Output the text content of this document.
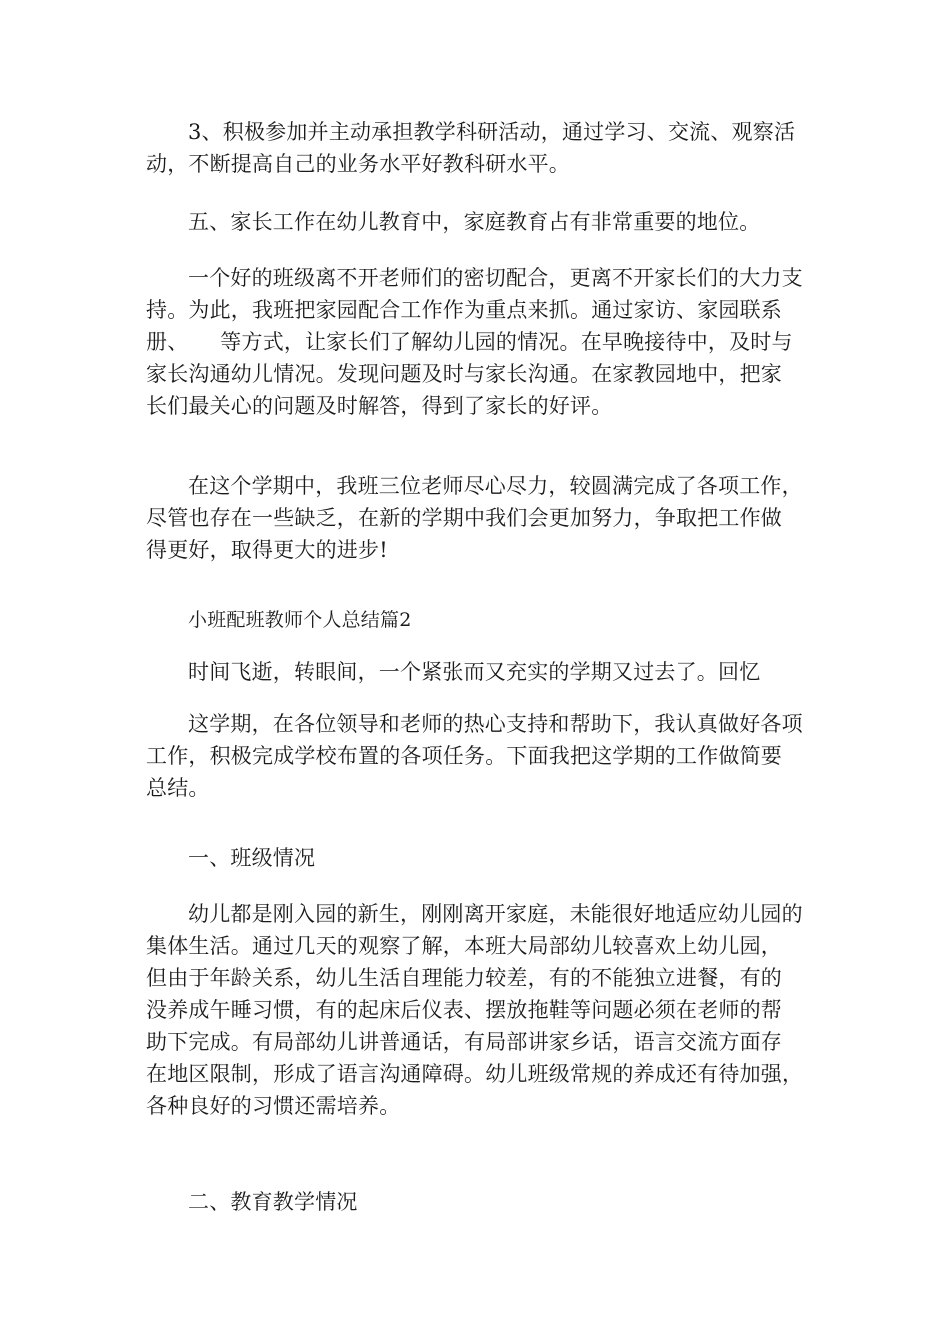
3、积极参加并主动承担教学科研活动，通过学习、交流、观察活
动，不断提高自己的业务水平好教科研水平。

五、家长工作在幼儿教育中，家庭教育占有非常重要的地位。

一个好的班级离不开老师们的密切配合，更离不开家长们的大力支
持。为此，我班把家园配合工作作为重点来抓。通过家访、家园联系
册、　　等方式，让家长们了解幼儿园的情况。在早晚接待中，及时与
家长沟通幼儿情况。发现问题及时与家长沟通。在家教园地中，把家
长们最关心的问题及时解答，得到了家长的好评。

在这个学期中，我班三位老师尽心尽力，较圆满完成了各项工作，
尽管也存在一些缺乏，在新的学期中我们会更加努力，争取把工作做
得更好，取得更大的进步!

小班配班教师个人总结篇2

时间飞逝，转眼间，一个紧张而又充实的学期又过去了。回忆

这学期，在各位领导和老师的热心支持和帮助下，我认真做好各项
工作，积极完成学校布置的各项任务。下面我把这学期的工作做简要
总结。

一、班级情况

幼儿都是刚入园的新生，刚刚离开家庭，未能很好地适应幼儿园的
集体生活。通过几天的观察了解，本班大局部幼儿较喜欢上幼儿园，
但由于年龄关系，幼儿生活自理能力较差，有的不能独立进餐，有的
没养成午睡习惯，有的起床后仪表、摆放拖鞋等问题必须在老师的帮
助下完成。有局部幼儿讲普通话，有局部讲家乡话，语言交流方面存
在地区限制，形成了语言沟通障碍。幼儿班级常规的养成还有待加强，
各种良好的习惯还需培养。

二、教育教学情况
